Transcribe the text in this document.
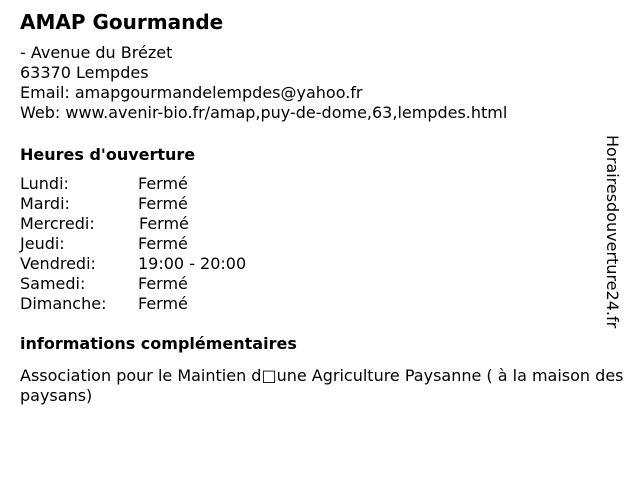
AMAP Gourmande
- Avenue du Brézet
63370 Lempdes
Email: amapgourmandelempdes@yahoo.fr
Web: www.avenir-bio.fr/amap,puy-de-dome,63,lempdes.html
Heures d'ouverture
Lundi:	Fermé
Mardi:	Fermé
Mercredi:	Fermé
Jeudi:	Fermé
Vendredi:	19:00 - 20:00
Samedi:	Fermé
Dimanche: Fermé
informations complémentaires
Association pour le Maintien d□une Agriculture Paysanne ( à la maison des paysans)
Horairesdouverture24.fr
